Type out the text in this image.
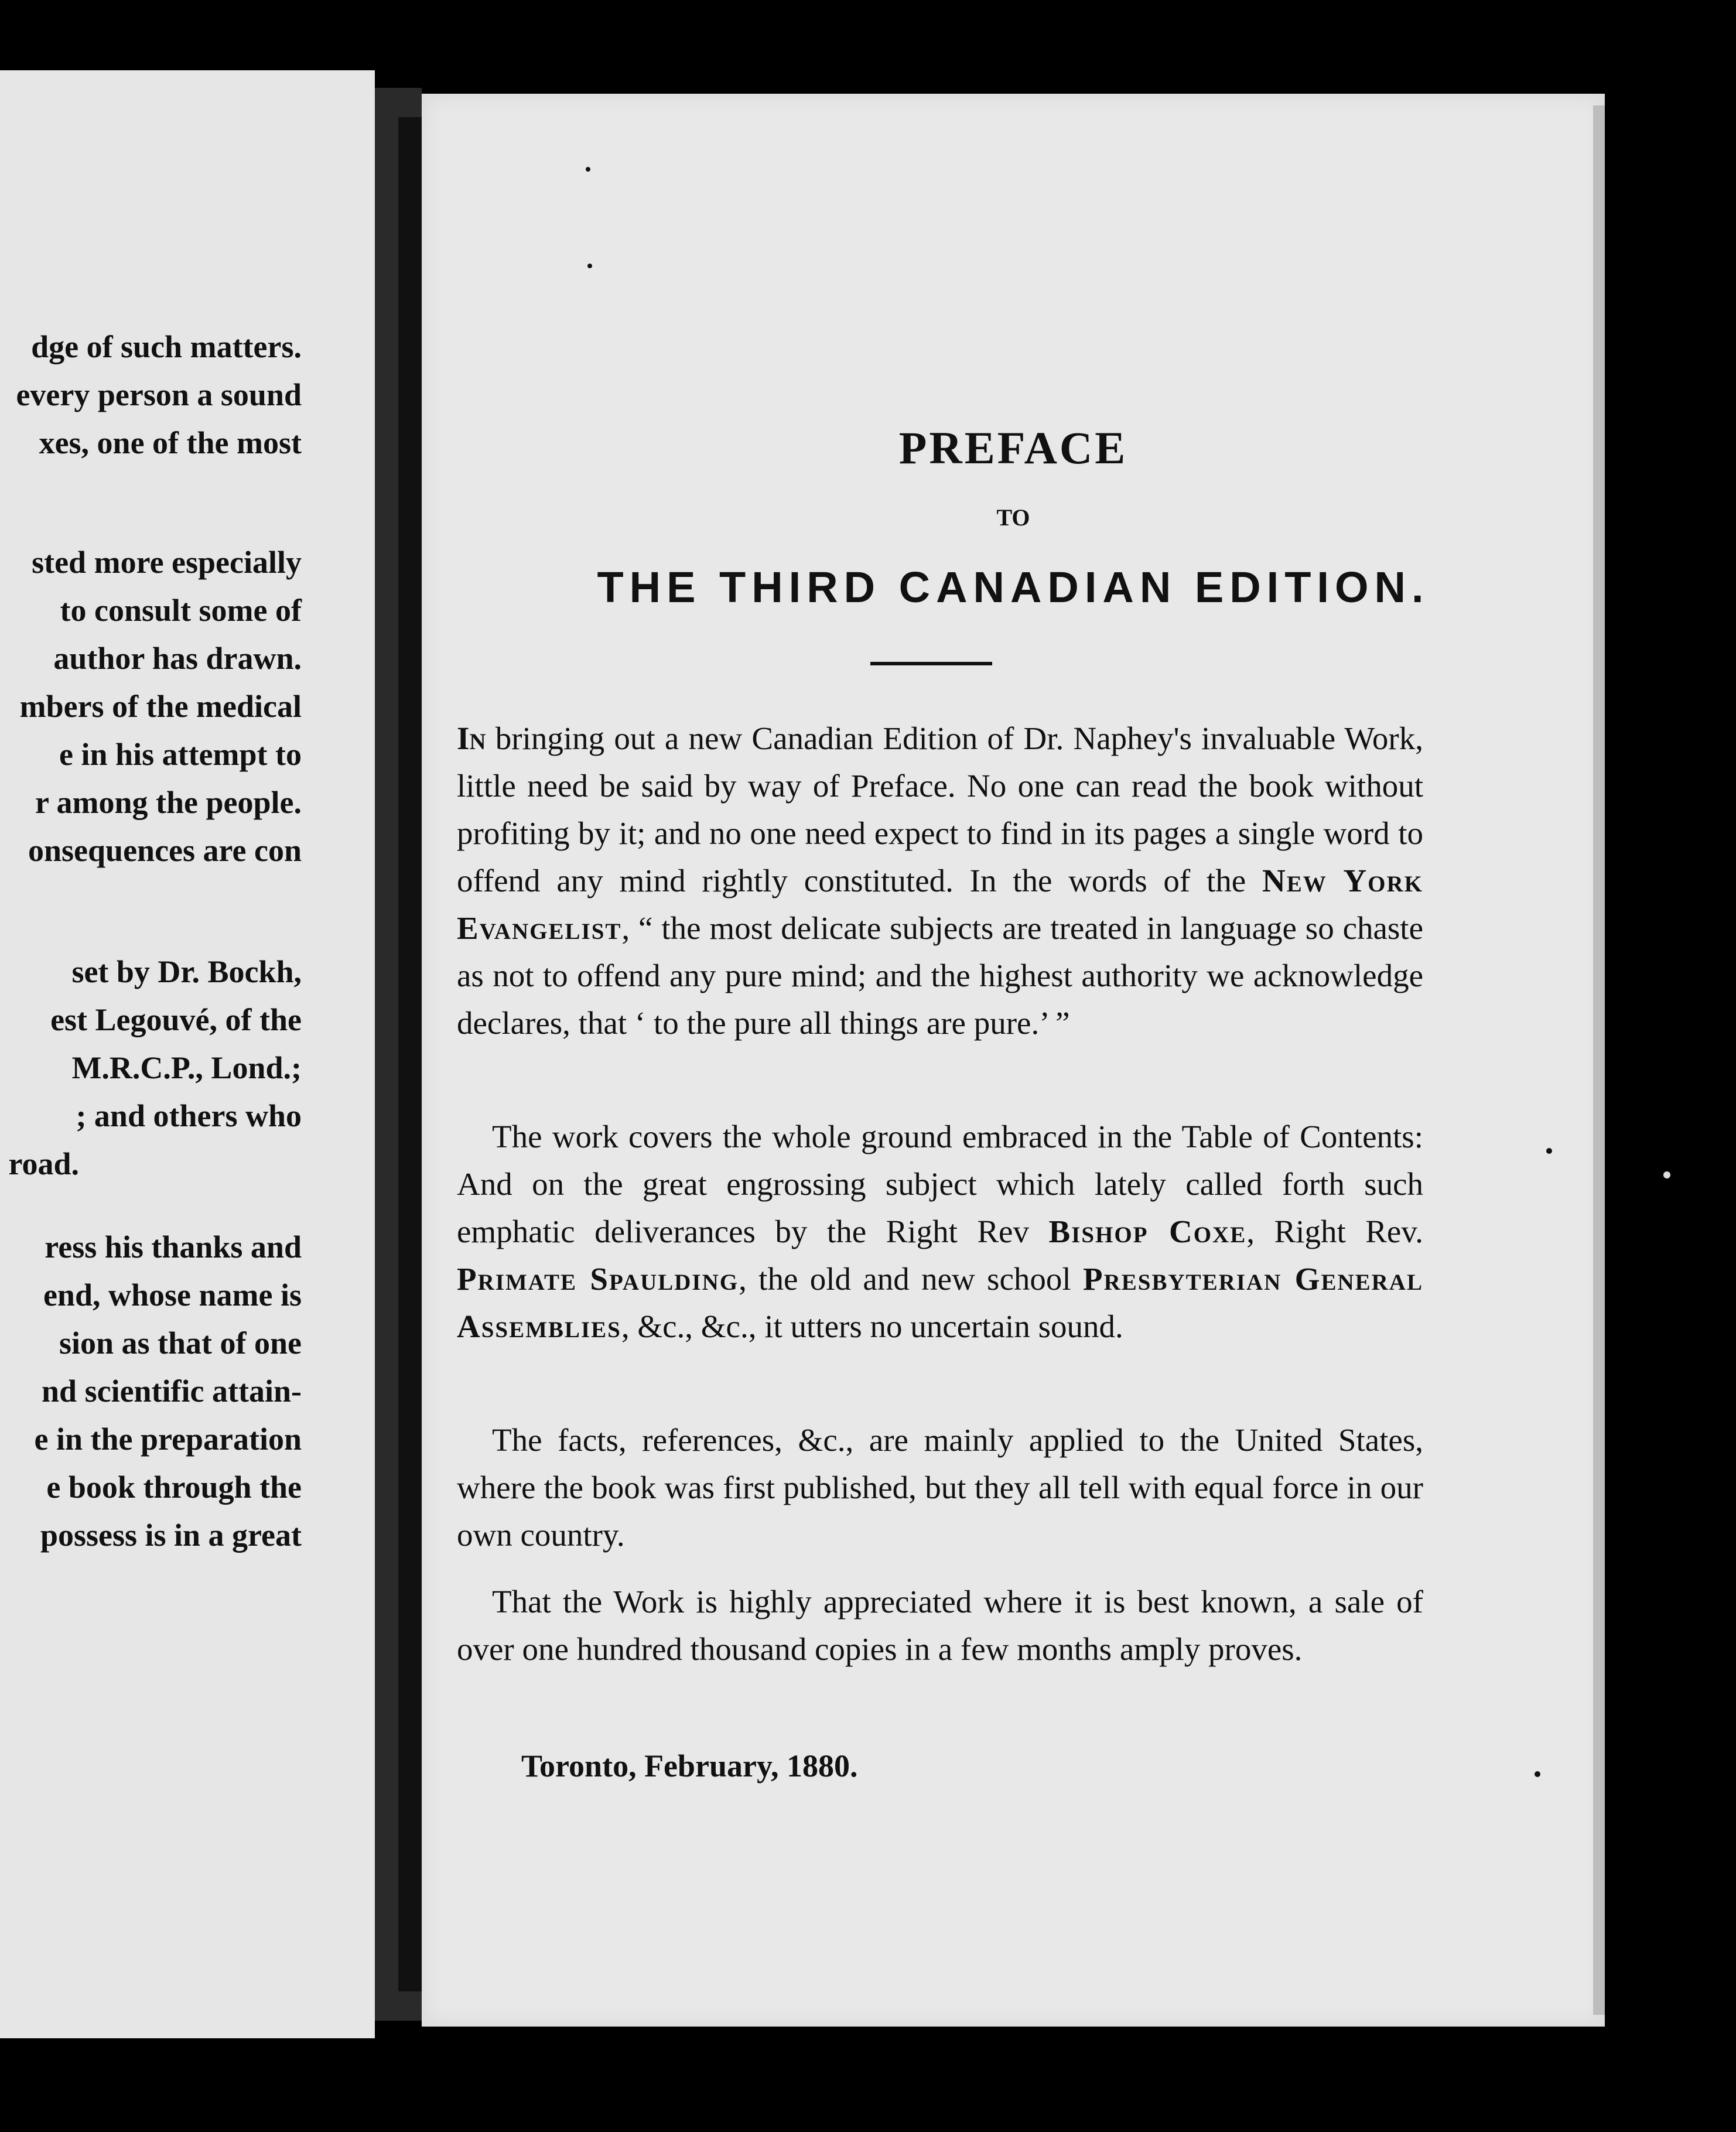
dge of such matters.
every person a sound
xes, one of the most
sted more especially
to consult some of
author has drawn.
mbers of the medical
e in his attempt to
r among the people.
onsequences are con
set by Dr. Bockh,
est Legouvé, of the
M.R.C.P., Lond.;
; and others who
road.
ress his thanks and
end, whose name is
sion as that of one
nd scientific attain-
e in the preparation
e book through the
possess is in a great
PREFACE
TO
THE THIRD CANADIAN EDITION.
In bringing out a new Canadian Edition of Dr. Naphey's invaluable Work, little need be said by way of Preface. No one can read the book without profiting by it; and no one need expect to find in its pages a single word to offend any mind rightly constituted. In the words of the New York Evangelist, “ the most delicate subjects are treated in language so chaste as not to offend any pure mind; and the highest authority we acknowledge declares, that ‘ to the pure all things are pure.’ ”
The work covers the whole ground embraced in the Table of Contents: And on the great engrossing subject which lately called forth such emphatic deliverances by the Right Rev Bishop Coxe, Right Rev. Primate Spaulding, the old and new school Presbyterian General Assemblies, &c., &c., it utters no uncertain sound.
The facts, references, &c., are mainly applied to the United States, where the book was first published, but they all tell with equal force in our own country.
That the Work is highly appreciated where it is best known, a sale of over one hundred thousand copies in a few months amply proves.
Toronto, February, 1880.
